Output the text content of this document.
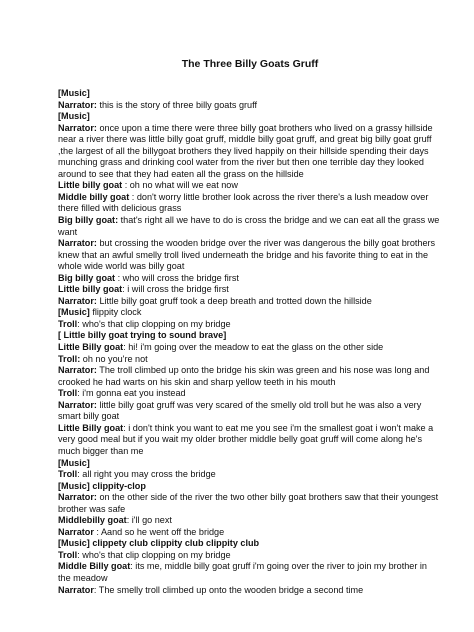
The Three Billy Goats Gruff
[Music]
Narrator: this is the story of three billy goats gruff
[Music]
Narrator: once upon a time there were three billy goat brothers who lived on a grassy hillside near a river there was little billy goat gruff, middle billy goat gruff, and great big billy goat gruff ,the largest of all the billygoat brothers they lived happily on their hillside spending their days munching grass and drinking cool water from the river but then one terrible day they looked around to see that they had eaten all the grass on the hillside
Little billy goat : oh no what will we eat now
Middle billy goat : don't worry little brother look across the river there's a lush meadow over there filled with delicious grass
Big billy goat: that's right all we have to do is cross the bridge and we can eat all the grass we want
Narrator: but crossing the wooden bridge over the river was dangerous the billy goat brothers knew that an awful smelly troll lived underneath the bridge and his favorite thing to eat in the whole wide world was billy goat
Big billy goat : who will cross the bridge first
Little billy goat: i will cross the bridge first
Narrator: Little billy goat gruff took a deep breath and trotted down the hillside
[Music] flippity clock
Troll: who's that clip clopping on my bridge
[ Little billy goat trying to sound brave]
Little Billy goat: hi! i'm going over the meadow to eat the glass on the other side
Troll: oh no you're not
Narrator: The troll climbed up onto the bridge his skin was green and his nose was long and crooked he had warts on his skin and sharp yellow teeth in his mouth
Troll: i'm gonna eat you instead
Narrator: little billy goat gruff was very scared of the smelly old troll but he was also a very smart billy goat
Little Billy goat: i don't think you want to eat me you see i'm the smallest goat i won't make a very good meal but if you wait my older brother middle belly goat gruff will come along he's much bigger than me
[Music]
Troll: all right you may cross the bridge
[Music] clippity-clop
Narrator: on the other side of the river the two other billy goat brothers saw that their youngest brother was safe
Middlebilly goat: i'll go next
Narrator : Aand so he went off the bridge
[Music] clippety club clippity club clippity club
Troll: who's that clip clopping on my bridge
Middle Billy goat: its me, middle billy goat gruff i'm going over the river to join my brother in the meadow
Narrator: The smelly troll climbed up onto the wooden bridge a second time
